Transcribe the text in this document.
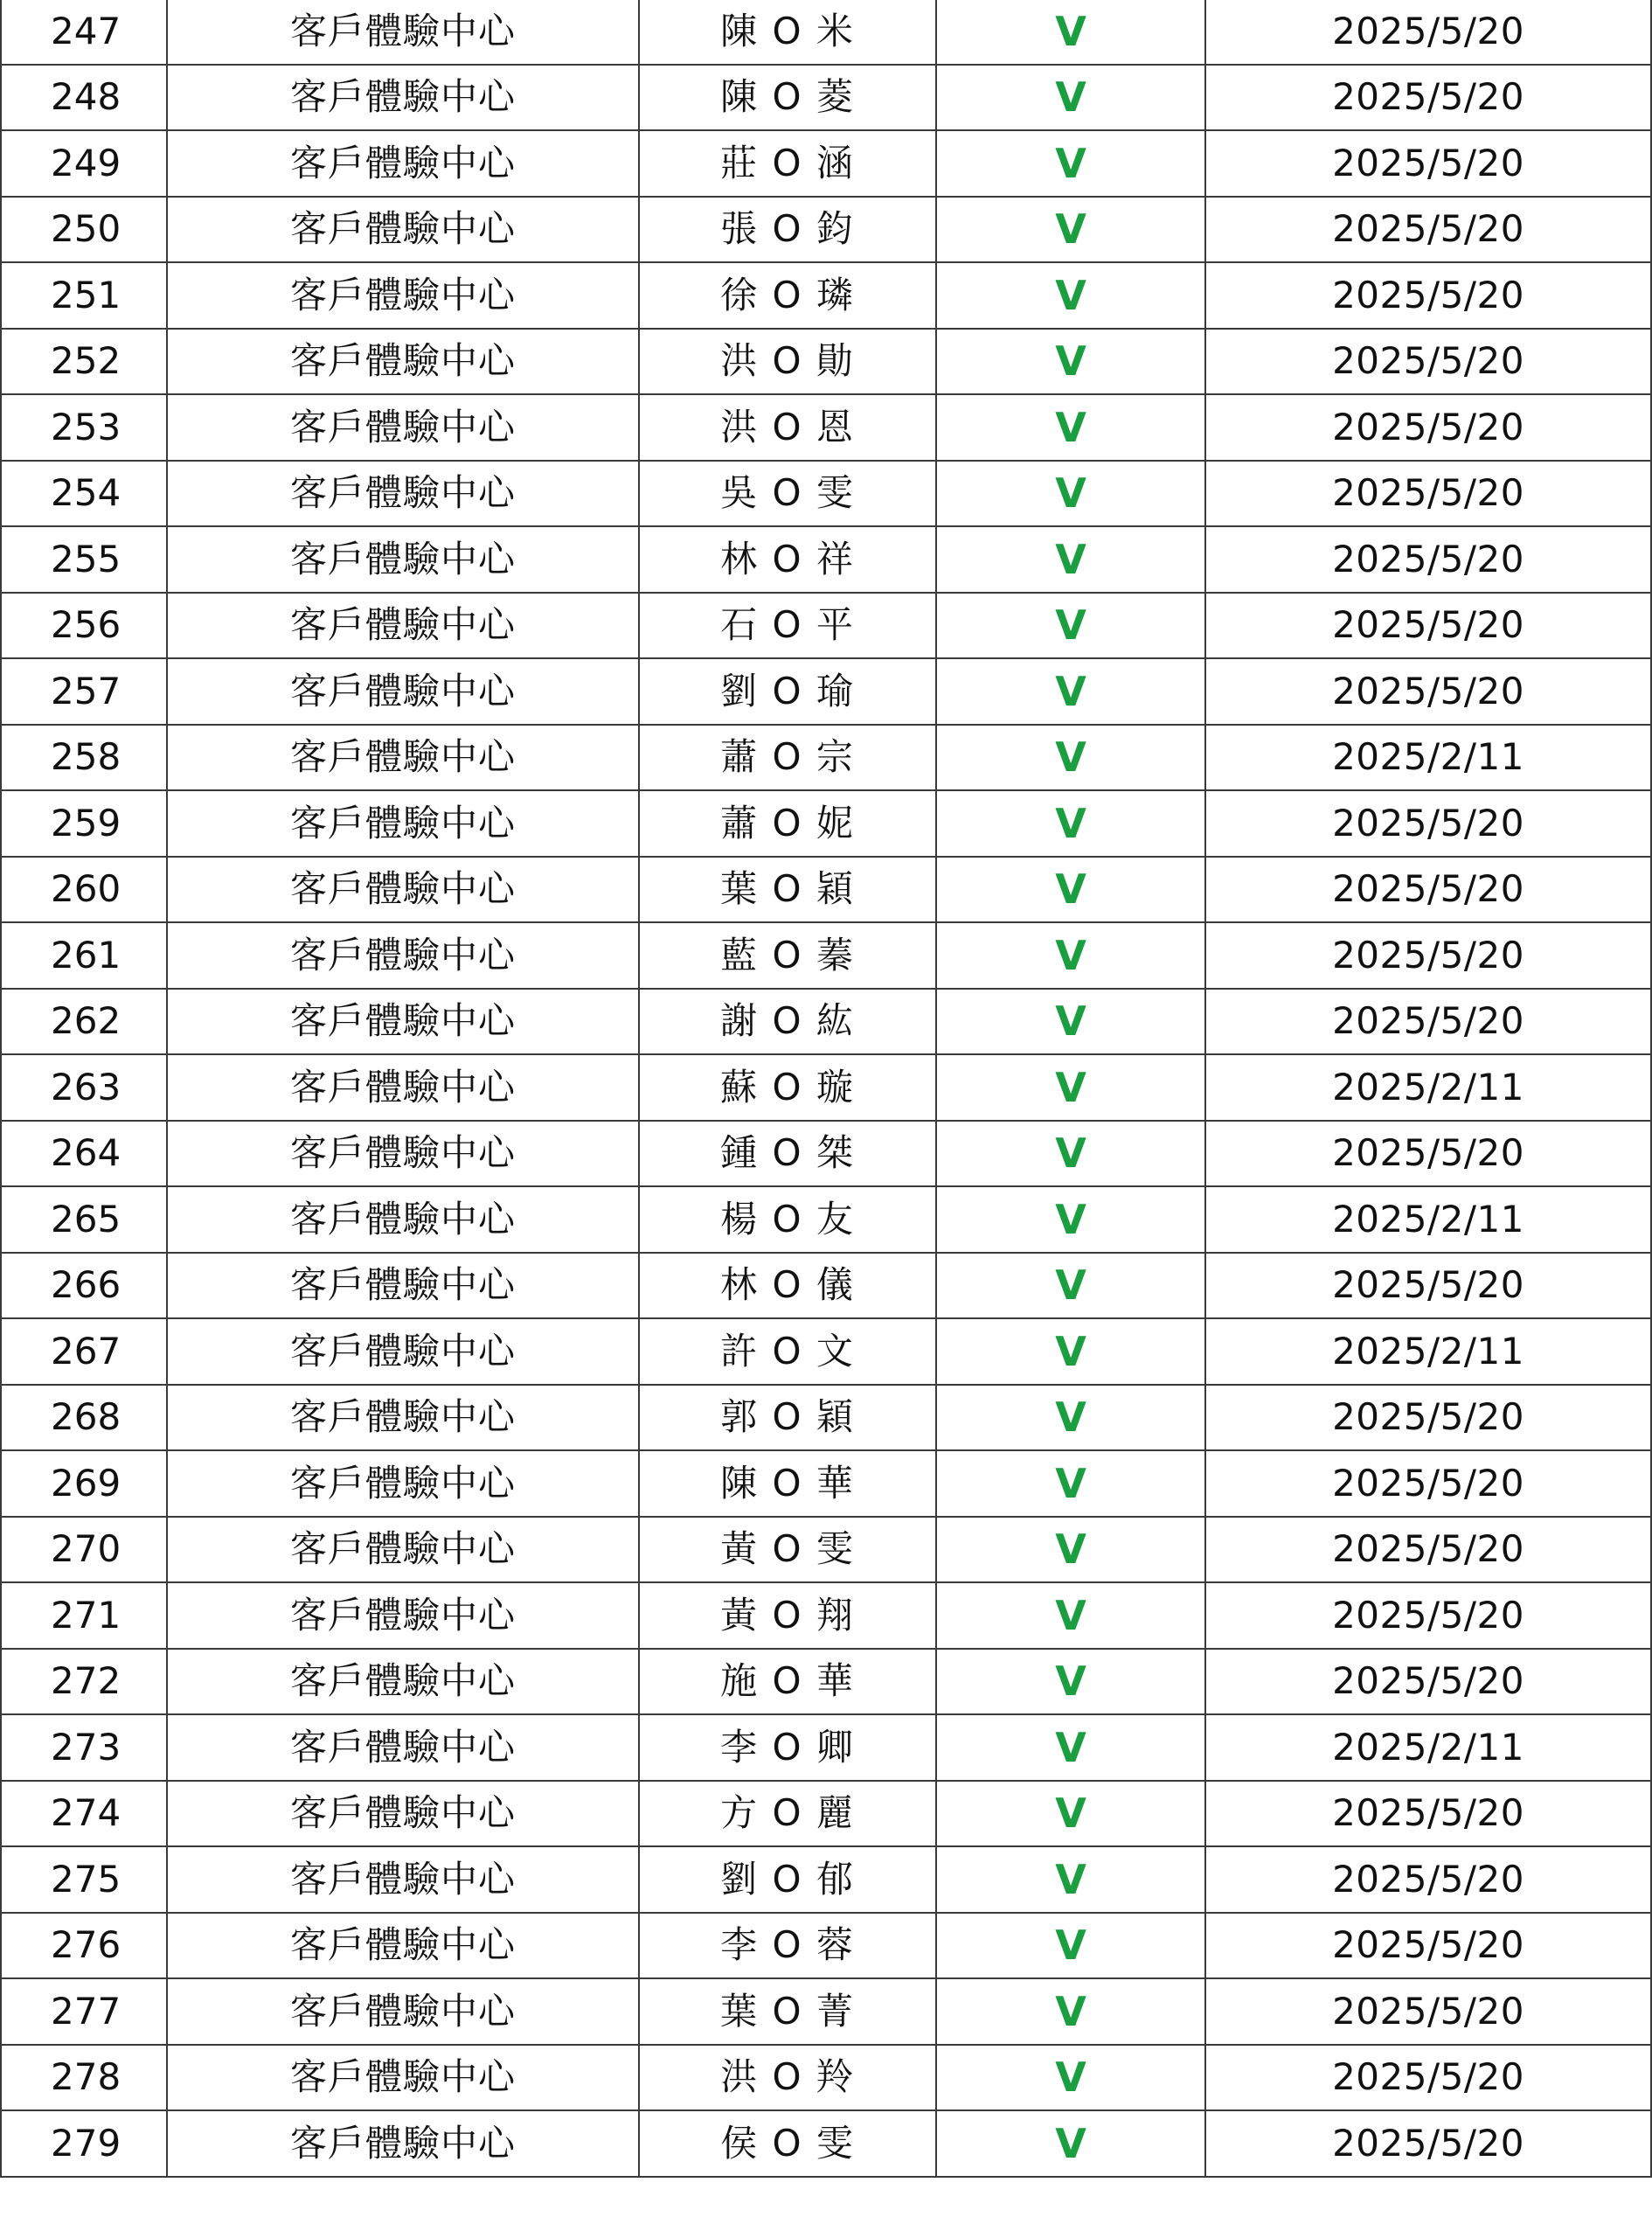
247	客戶體驗中心	陳 O 米	V	2025/5/20
248	客戶體驗中心	陳 O 菱	V	2025/5/20
249	客戶體驗中心	莊 O 涵	V	2025/5/20
250	客戶體驗中心	張 O 鈞	V	2025/5/20
251	客戶體驗中心	徐 O 璘	V	2025/5/20
252	客戶體驗中心	洪 O 勛	V	2025/5/20
253	客戶體驗中心	洪 O 恩	V	2025/5/20
254	客戶體驗中心	吳 O 雯	V	2025/5/20
255	客戶體驗中心	林 O 祥	V	2025/5/20
256	客戶體驗中心	石 O 平	V	2025/5/20
257	客戶體驗中心	劉 O 瑜	V	2025/5/20
258	客戶體驗中心	蕭 O 宗	V	2025/2/11
259	客戶體驗中心	蕭 O 妮	V	2025/5/20
260	客戶體驗中心	葉 O 穎	V	2025/5/20
261	客戶體驗中心	藍 O 蓁	V	2025/5/20
262	客戶體驗中心	謝 O 紘	V	2025/5/20
263	客戶體驗中心	蘇 O 璇	V	2025/2/11
264	客戶體驗中心	鍾 O 桀	V	2025/5/20
265	客戶體驗中心	楊 O 友	V	2025/2/11
266	客戶體驗中心	林 O 儀	V	2025/5/20
267	客戶體驗中心	許 O 文	V	2025/2/11
268	客戶體驗中心	郭 O 穎	V	2025/5/20
269	客戶體驗中心	陳 O 華	V	2025/5/20
270	客戶體驗中心	黃 O 雯	V	2025/5/20
271	客戶體驗中心	黃 O 翔	V	2025/5/20
272	客戶體驗中心	施 O 華	V	2025/5/20
273	客戶體驗中心	李 O 卿	V	2025/2/11
274	客戶體驗中心	方 O 麗	V	2025/5/20
275	客戶體驗中心	劉 O 郁	V	2025/5/20
276	客戶體驗中心	李 O 蓉	V	2025/5/20
277	客戶體驗中心	葉 O 菁	V	2025/5/20
278	客戶體驗中心	洪 O 羚	V	2025/5/20
279	客戶體驗中心	侯 O 雯	V	2025/5/20
